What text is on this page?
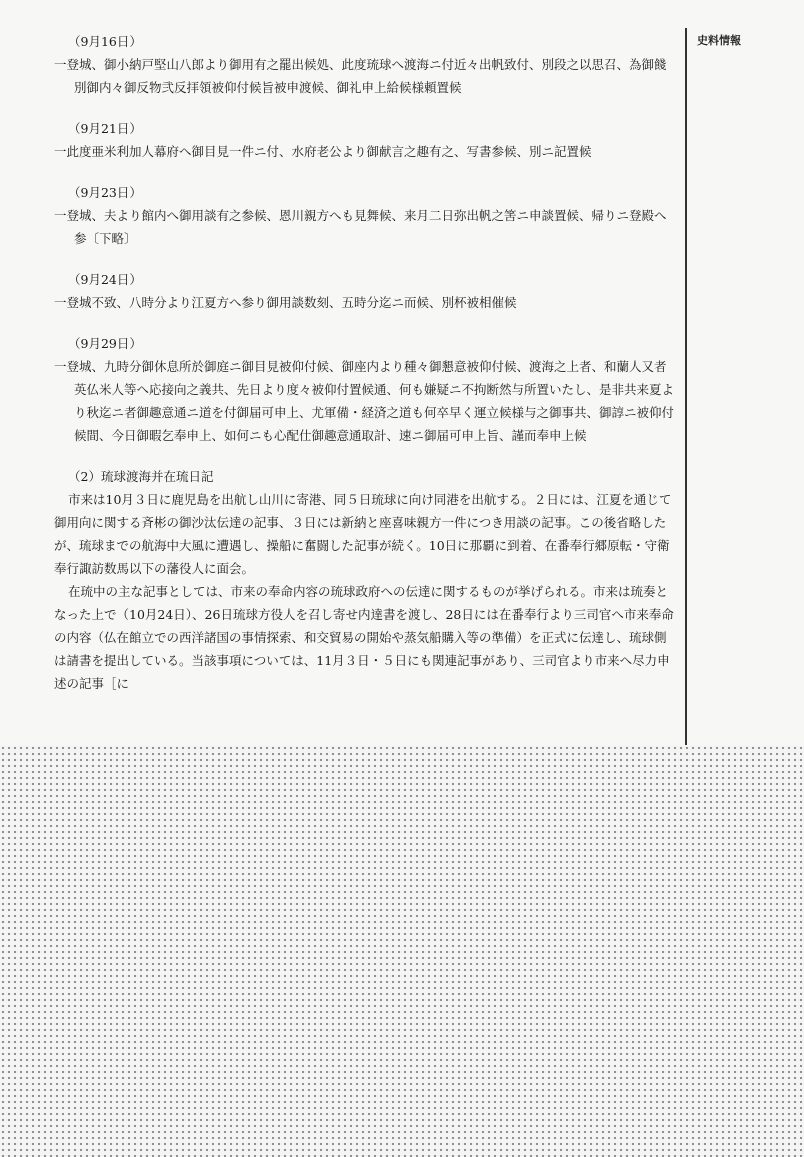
史料情報

（9月16日）

一登城、御小納戸堅山八郎より御用有之罷出候処、此度琉球へ渡海ニ付近々出帆致付、別段之以思召、為御餞別御内々御反物弐反拝領被仰付候旨被申渡候、御礼申上給候様頼置候

（9月21日）

一此度亜米利加人幕府へ御目見一件ニ付、水府老公より御献言之趣有之、写書参候、別ニ記置候

（9月23日）

一登城、夫より館内へ御用談有之参候、恩川親方へも見舞候、来月二日弥出帆之筈ニ申談置候、帰りニ登殿へ参〔下略〕

（9月24日）

一登城不致、八時分より江夏方へ参り御用談数刻、五時分迄ニ而候、別杯被相催候

（9月29日）

一登城、九時分御休息所於御庭ニ御目見被仰付候、御座内より種々御懇意被仰付候、渡海之上者、和蘭人又者英仏米人等へ応接向之義共、先日より度々被仰付置候通、何も嫌疑ニ不拘断然与所置いたし、是非共来夏より秋迄ニ者御趣意通ニ道を付御届可申上、尤軍備・経済之道も何卒早く運立候様与之御事共、御諄ニ被仰付候間、今日御暇乞奉申上、如何ニも心配仕御趣意通取計、速ニ御届可申上旨、謹而奉申上候

（2）琉球渡海并在琉日記

市来は10月３日に鹿児島を出航し山川に寄港、同５日琉球に向け同港を出航する。２日には、江夏を通じて御用向に関する斉彬の御沙汰伝達の記事、３日には新納と座喜味親方一件につき用談の記事。この後省略したが、琉球までの航海中大風に遭遇し、操船に奮闘した記事が続く。10日に那覇に到着、在番奉行郷原転・守衛奉行諏訪数馬以下の藩役人に面会。

在琉中の主な記事としては、市来の奉命内容の琉球政府への伝達に関するものが挙げられる。市来は琉奏となった上で（10月24日）、26日琉球方役人を召し寄せ内達書を渡し、28日には在番奉行より三司官へ市来奉命の内容（仏在館立での西洋諸国の事情探索、和交貿易の開始や蒸気船購入等の準備）を正式に伝達し、琉球側は請書を提出している。当該事項については、11月３日・５日にも関連記事があり、三司官より市来へ尽力申述の記事［に
